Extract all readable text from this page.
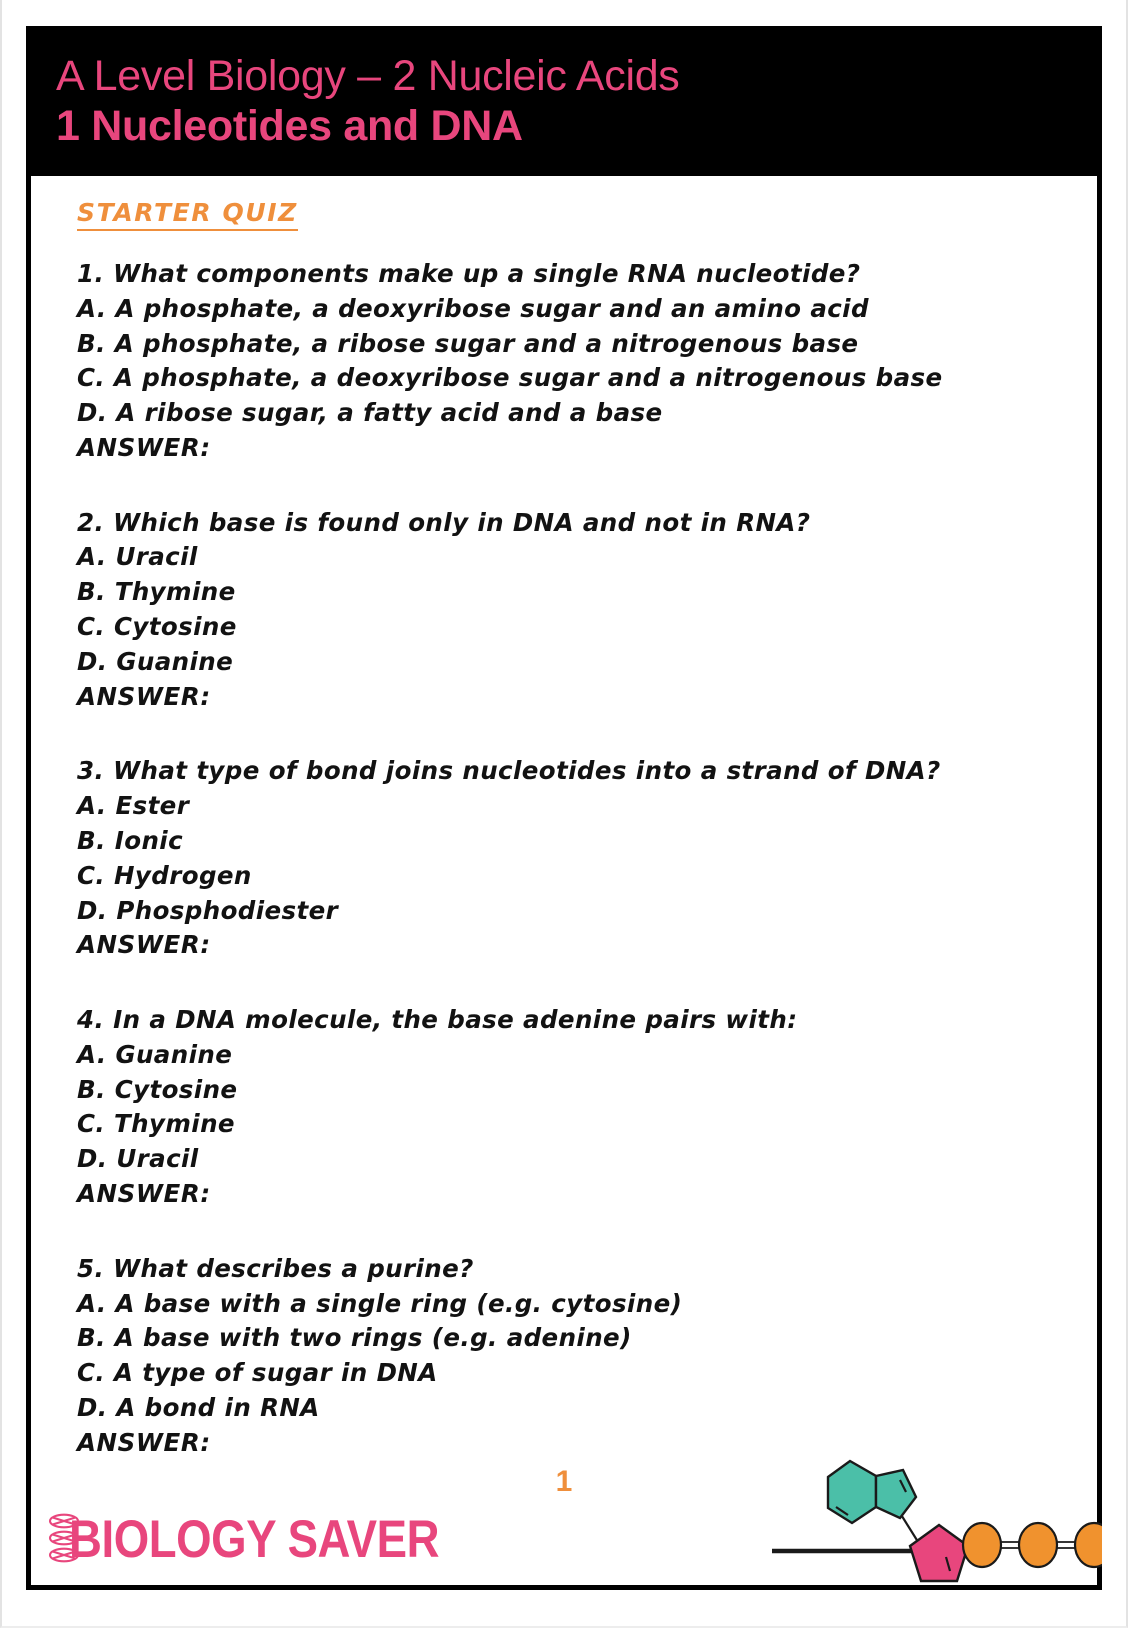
A Level Biology – 2 Nucleic Acids
1 Nucleotides and DNA
STARTER QUIZ
1. What components make up a single RNA nucleotide?
A. A phosphate, a deoxyribose sugar and an amino acid
B. A phosphate, a ribose sugar and a nitrogenous base
C. A phosphate, a deoxyribose sugar and a nitrogenous base
D. A ribose sugar, a fatty acid and a base
ANSWER:
2. Which base is found only in DNA and not in RNA?
A. Uracil
B. Thymine
C. Cytosine
D. Guanine
ANSWER:
3. What type of bond joins nucleotides into a strand of DNA?
A. Ester
B. Ionic
C. Hydrogen
D. Phosphodiester
ANSWER:
4. In a DNA molecule, the base adenine pairs with:
A. Guanine
B. Cytosine
C. Thymine
D. Uracil
ANSWER:
5. What describes a purine?
A. A base with a single ring (e.g. cytosine)
B. A base with two rings (e.g. adenine)
C. A type of sugar in DNA
D. A bond in RNA
ANSWER:
1
BIOLOGY SAVER
